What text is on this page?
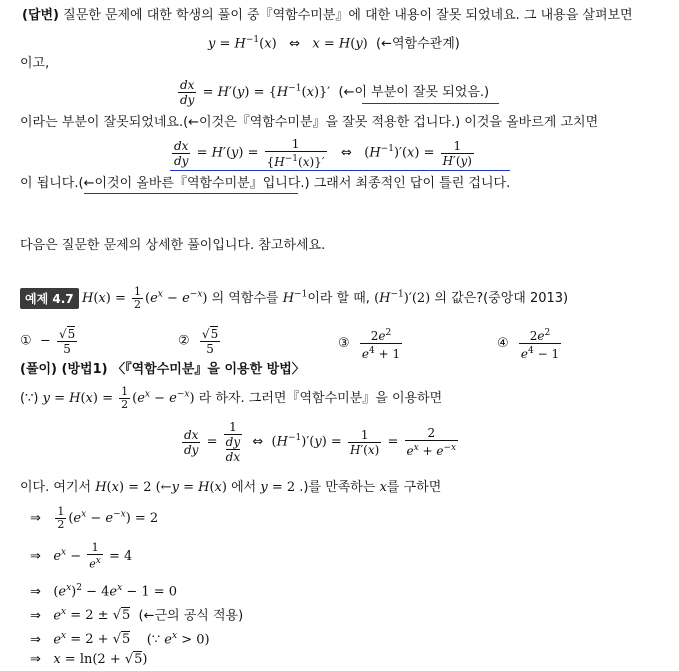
(답변) 질문한 문제에 대한 학생의 풀이 중『역함수미분』에 대한 내용이 잘못 되었네요. 그 내용을 살펴보면
$y = H^{-1}(x)$   ⇔   x = H(y) (←역함수관계)
이고,
$\frac{dx}{dy} = H'(y) = \{H^{-1}(x)\}'$ (←이 부분이 잘못 되었음.)
이라는 부분이 잘못되었네요.(←이것은『역함수미분』을 잘못 적용한 겁니다.) 이것을 올바르게 고치면
$\frac{dx}{dy} = H'(y) = \frac{1}{\{H^{-1}(x)\}'}$ ⇔   $(H^{-1})'(x) = \frac{1}{H'(y)}$
이 됩니다.(←이것이 올바른『역함수미분』입니다.) 그래서 최종적인 답이 틀린 겁니다.
다음은 질문한 문제의 상세한 풀이입니다. 참고하세요.
예제 4.7 $H(x) = \frac{1}{2} (e^x - e^{-x})$ 의 역함수를 $H^{-1}$이라 할 때, $(H^{-1})'(2)$ 의 값은?(중앙대 2013)
① − $\frac{√5}{5}$	② $\frac{√5}{5}$	③ $\frac{2e^2}{e^4 + 1}$	④ $\frac{2e^2}{e^4 - 1}$
(풀이) (방법1) 〈『역함수미분』을 이용한 방법〉
(∵) $y = H(x) = \frac{1}{2} (e^x - e^{-x})$ 라 하자. 그러면『역함수미분』을 이용하면
$\frac{dx}{dy} = \frac{1}{\frac{dy}{dx}}$ ⇔  $(H^{-1})'(y) = \frac{1}{H'(x)} = \frac{2}{e^x + e^{-x}}$
이다. 여기서 H(x) = 2 (←y = H(x) 에서 y = 2 .)를 만족하는 x를 구하면
⇒ $\frac{1}{2} (e^x - e^{-x}) = 2$
⇒ $e^x - \frac{1}{e^x} = 4$
⇒ $(e^x)^2 - 4e^x - 1 = 0$
⇒ $e^x = 2 \pm √5$ (←근의 공식 적용)
⇒ $e^x = 2 + √5$ (∵ $e^x > 0$)
⇒ x = ln(2 + √5)
